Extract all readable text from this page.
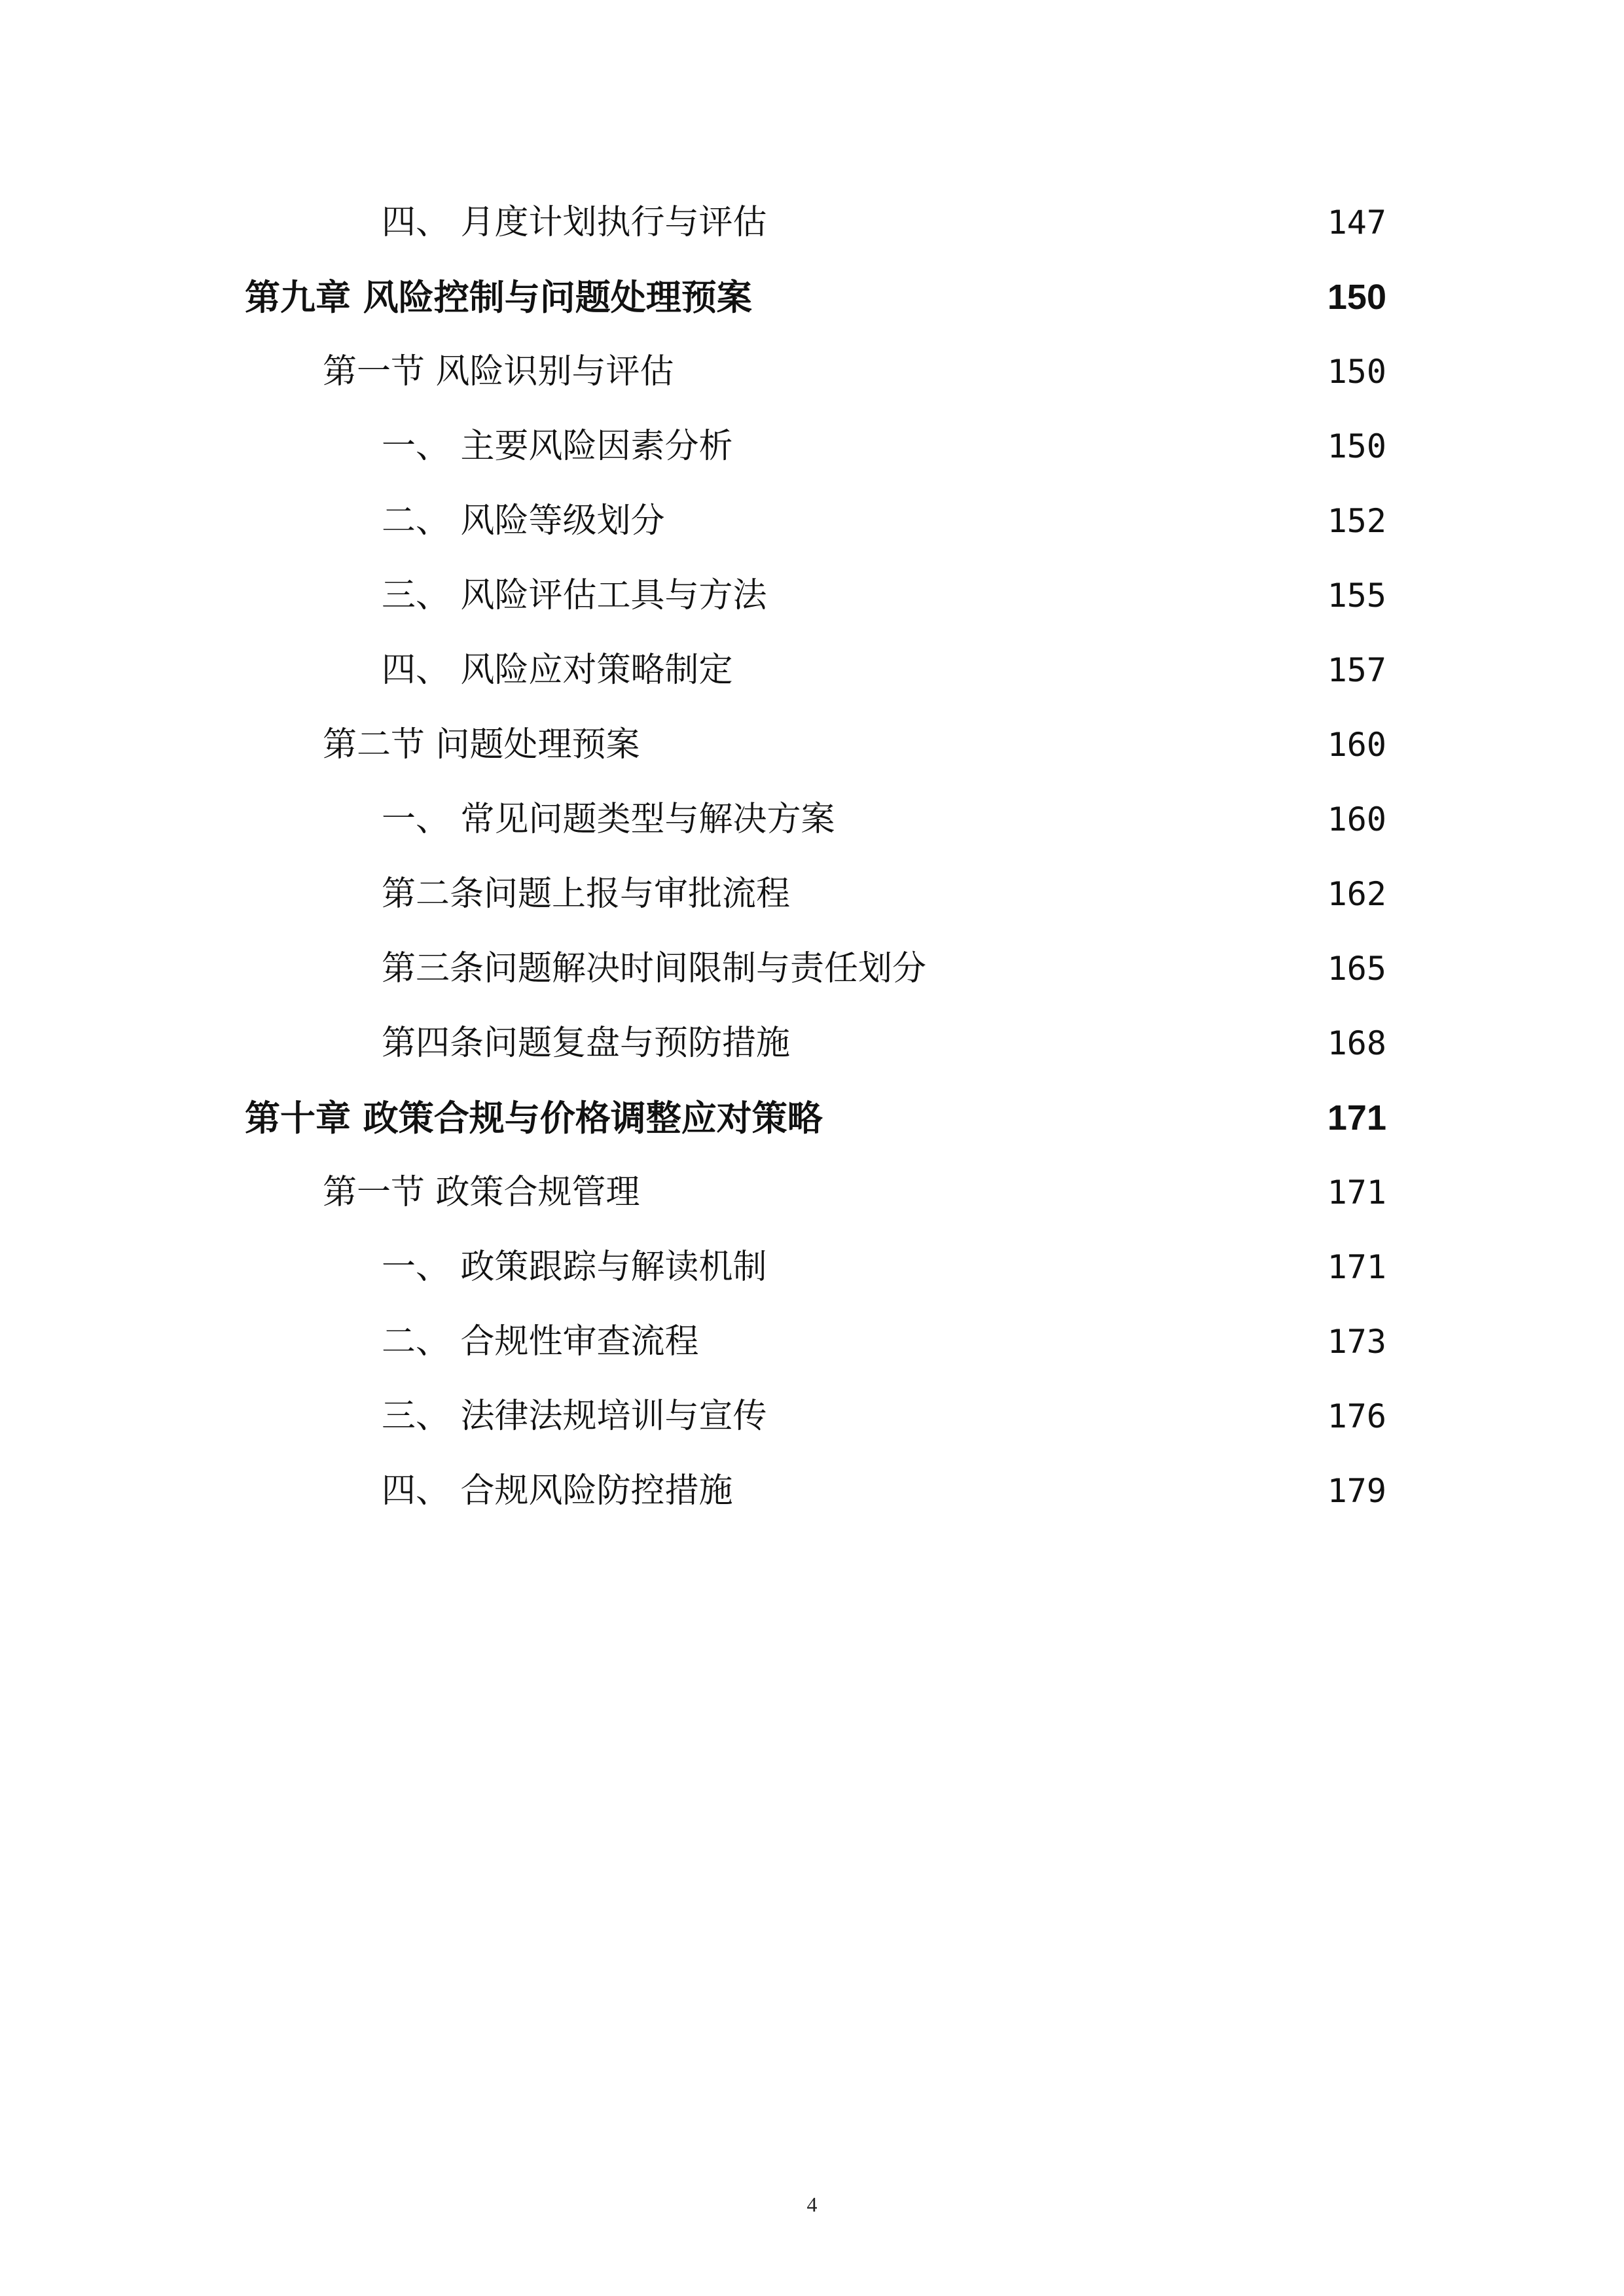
四、 月度计划执行与评估	147
第九章 风险控制与问题处理预案	150
第一节 风险识别与评估	150
一、 主要风险因素分析	150
二、 风险等级划分	152
三、 风险评估工具与方法	155
四、 风险应对策略制定	157
第二节 问题处理预案	160
一、 常见问题类型与解决方案	160
第二条问题上报与审批流程	162
第三条问题解决时间限制与责任划分	165
第四条问题复盘与预防措施	168
第十章 政策合规与价格调整应对策略	171
第一节 政策合规管理	171
一、 政策跟踪与解读机制	171
二、 合规性审查流程	173
三、 法律法规培训与宣传	176
四、 合规风险防控措施	179
4
